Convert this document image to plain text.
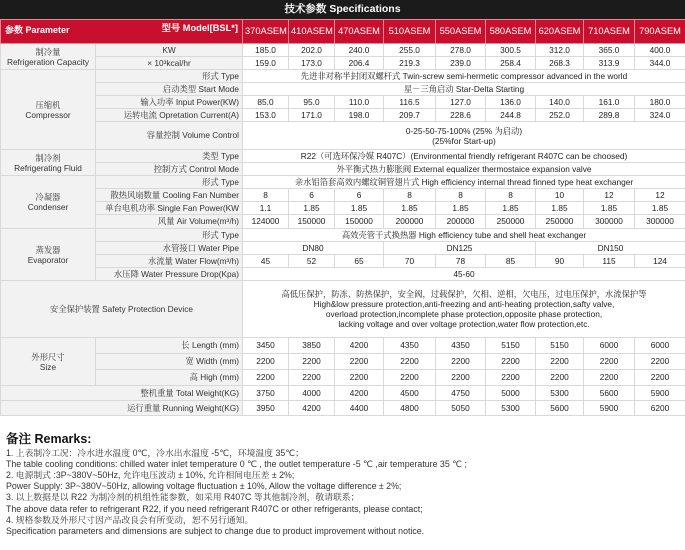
技术参数 Specifications
参数 Parameter 型号 Model[BSL*]		370ASEM	410ASEM	470ASEM	510ASEM	550ASEM	580ASEM	620ASEM	710ASEM	790ASEM

制冷量
Refrigeration Capacity	KW	185.0	202.0	240.0	255.0	278.0	300.5	312.0	365.0	400.0
	× 10³kcal/hr	159.0	173.0	206.4	219.3	239.0	258.4	268.3	313.9	344.0

压缩机
Compressor	形式 Type	先进非对称半封闭双螺杆式 Twin-screw semi-hermetic compressor advanced in the world								
	启动类型 Start Mode	星－三角启动 Star-Delta Starting								
	输入功率 Input Power(KW)	85.0	95.0	110.0	116.5	127.0	136.0	140.0	161.0	180.0
	运转电流 Opretation Current(A)	153.0	171.0	198.0	209.7	228.6	244.8	252.0	289.8	324.0
	容量控制 Volume Control	0-25-50-75-100% (25% 为启动)
(25%for Start-up)								

制冷剂
Refrigerating Fluid	类型 Type	R22（可选环保冷媒 R407C）(Environmental friendly refrigerant R407C can be choosed)								
	控制方式 Control Mode	外平衡式热力膨胀阀 External equalizer thermostaice expansion valve								

冷凝器
Condenser	形式 Type	亲水铝箔套高效内螺纹铜管翅片式 High efficiency internal thread finned type heat exchanger								
	散热风扇数量 Cooling Fan Number	8	6	6	8	8	8	10	12	12
	单台电机功率 Single Fan Power(KW	1.1	1.85	1.85	1.85	1.85	1.85	1.85	1.85	1.85
	风量 Air Volume(m³/h)	124000	150000	150000	200000	200000	250000	250000	300000	300000

蒸发器
Evaporator	形式 Type	高效壳管干式换热器 High efficiency tube and shell heat exchanger								
	水管接口 Water Pipe	DN80			DN125			DN150		
	水流量 Water Flow(m³/h)	45	52	65	70	78	85	90	115	124
	水压降 Water Pressure Drop(Kpa)	45-60								
安全保护装置 Safety Protection Device		高低压保护，防冻、防热保护，安全阀，过载保护，欠相、逆相，欠电压，过电压保护，水流保护等
High&low pressure protection,anti-freezing and anti-heating protection,safty valve,
overload protection,incomplete phase protection,opposite phase protection,
lacking voltage and over voltage protection,water flow protection,etc.								

外形尺寸
Size	长 Length (mm)	3450	3850	4200	4350	4350	5150	5150	6000	6000
	宽 Width (mm)	2200	2200	2200	2200	2200	2200	2200	2200	2200
	高 High (mm)	2200	2200	2200	2200	2200	2200	2200	2200	2200
整机重量 Total Weight(KG)		3750	4000	4200	4500	4750	5000	5300	5600	5900
运行重量 Running Weight(KG)		3950	4200	4400	4800	5050	5300	5600	5900	6200
备注 Remarks:
1. 上表制冷工况：冷水进水温度 0℃，冷水出水温度 -5℃，环境温度 35℃；
The table cooling conditions: chilled water inlet temperature 0 ℃ , the outlet temperature -5 ℃ ,air temperature 35 ℃ ;
2. 电源制式 :3P~380V~50Hz, 允许电压波动 ± 10%, 允许相间电压差 ± 2%;
Power Supply: 3P~380V~50Hz, allowing voltage fluctuation ± 10%, Allow the voltage difference ± 2%;
3. 以上数据是以 R22 为制冷剂的机组性能参数，如采用 R407C 等其他制冷剂，敬请联系；
The above data refer to refrigerant R22, if you need refrigerant R407C or other refrigerants, please contact;
4. 规格参数及外形尺寸因产品改良会有所变动，恕不另行通知。
Specification parameters and dimensions are subject to change due to product improvement without notice.
